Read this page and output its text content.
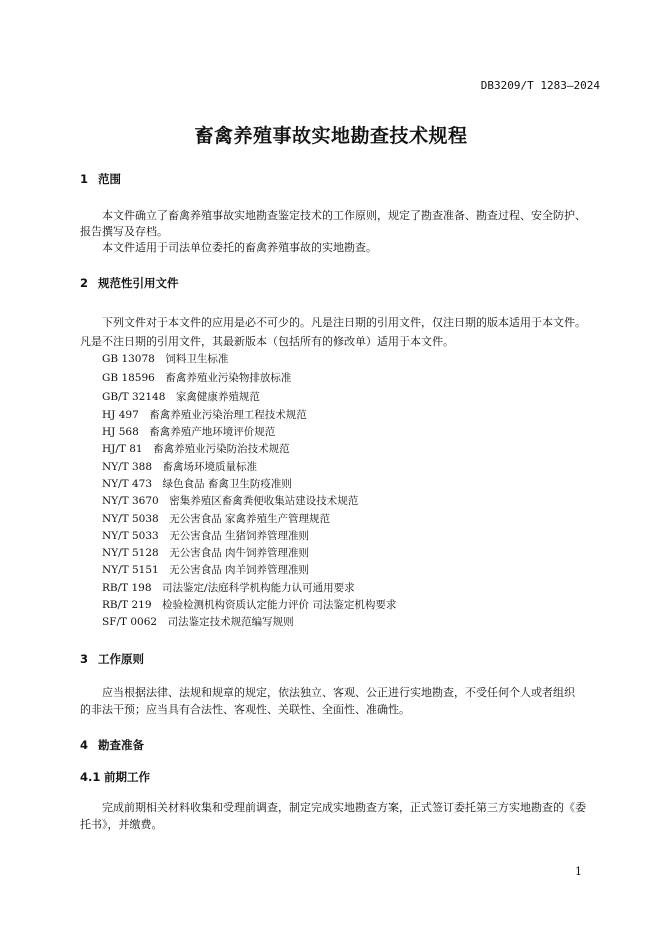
DB3209/T 1283—2024
畜禽养殖事故实地勘查技术规程
1 范围
本文件确立了畜禽养殖事故实地勘查鉴定技术的工作原则，规定了勘查准备、勘查过程、安全防护、
报告撰写及存档。
本文件适用于司法单位委托的畜禽养殖事故的实地勘查。
2 规范性引用文件
下列文件对于本文件的应用是必不可少的。凡是注日期的引用文件，仅注日期的版本适用于本文件。
凡是不注日期的引用文件，其最新版本（包括所有的修改单）适用于本文件。
GB 13078　饲料卫生标准
GB 18596　畜禽养殖业污染物排放标准
GB/T 32148　家禽健康养殖规范
HJ 497　畜禽养殖业污染治理工程技术规范
HJ 568　畜禽养殖产地环境评价规范
HJ/T 81　畜禽养殖业污染防治技术规范
NY/T 388　畜禽场环境质量标准
NY/T 473　绿色食品 畜禽卫生防疫准则
NY/T 3670　密集养殖区畜禽粪便收集站建设技术规范
NY/T 5038　无公害食品 家禽养殖生产管理规范
NY/T 5033　无公害食品 生猪饲养管理准则
NY/T 5128　无公害食品 肉牛饲养管理准则
NY/T 5151　无公害食品 肉羊饲养管理准则
RB/T 198　司法鉴定/法庭科学机构能力认可通用要求
RB/T 219　检验检测机构资质认定能力评价 司法鉴定机构要求
SF/T 0062　司法鉴定技术规范编写规则
3 工作原则
应当根据法律、法规和规章的规定，依法独立、客观、公正进行实地勘查，不受任何个人或者组织
的非法干预；应当具有合法性、客观性、关联性、全面性、准确性。
4 勘查准备
4.1 前期工作
完成前期相关材料收集和受理前调查，制定完成实地勘查方案，正式签订委托第三方实地勘查的《委
托书》，并缴费。
1
